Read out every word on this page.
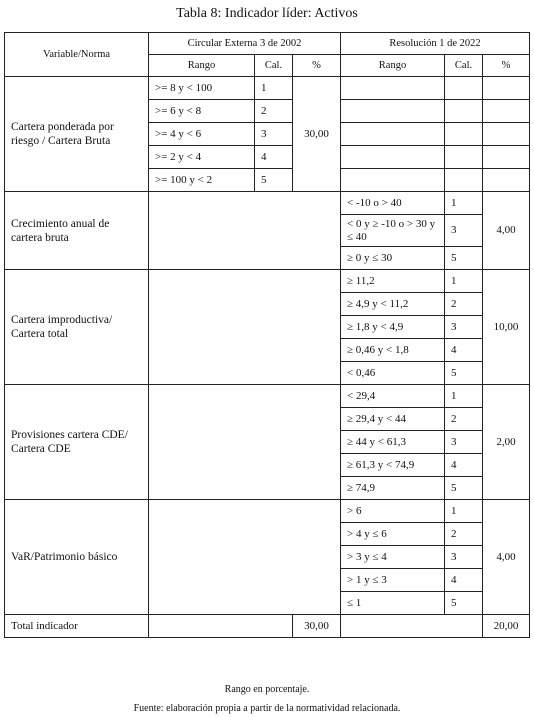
Tabla 8: Indicador líder: Activos
Variable/Norma	Circular Externa 3 de 2002			Resolución 1 de 2022		
	Rango	Cal.	%	Rango	Cal.	%
Cartera ponderada por riesgo / Cartera Bruta	>= 8 y < 100	1	30,00			
	>= 6 y < 8	2				
	>= 4 y < 6	3				
	>= 2 y < 4	4				
	>= 100 y < 2	5				
Crecimiento anual de cartera bruta				< -10 o > 40	1	4,00
				< 0 y ≥ -10 o > 30 y ≤ 40	3	
				≥ 0 y ≤ 30	5	
Cartera improductiva/ Cartera total				≥ 11,2	1	10,00
				≥ 4,9 y < 11,2	2	
				≥ 1,8 y < 4,9	3	
				≥ 0,46 y < 1,8	4	
				< 0,46	5	
Provisiones cartera CDE/ Cartera CDE				< 29,4	1	2,00
				≥ 29,4 y < 44	2	
				≥ 44 y < 61,3	3	
				≥ 61,3 y < 74,9	4	
				≥ 74,9	5	
VaR/Patrimonio básico				> 6	1	4,00
				> 4 y ≤ 6	2	
				> 3 y ≤ 4	3	
				> 1 y ≤ 3	4	
				≤ 1	5	
Total indicador			30,00			20,00
Rango en porcentaje.
Fuente: elaboración propia a partir de la normatividad relacionada.
